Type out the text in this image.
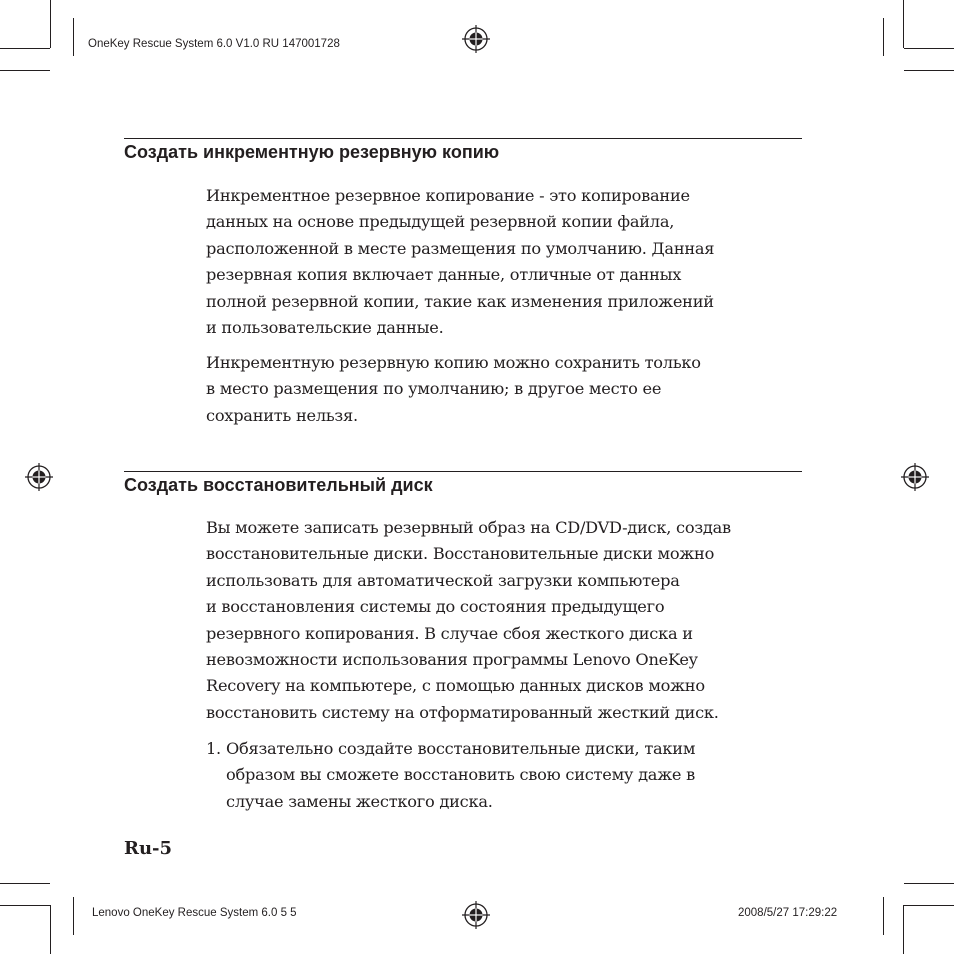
OneKey Rescue System 6.0 V1.0 RU 147001728
Lenovo OneKey Rescue System 6.0 5 5	2008/5/27 17:29:22
Создать инкрементную резервную копию
Инкрементное резервное копирование - это копирование
данных на основе предыдущей резервной копии файла,
расположенной в месте размещения по умолчанию. Данная
резервная копия включает данные, отличные от данных
полной резервной копии, такие как изменения приложений
и пользовательские данные.
Инкрементную резервную копию можно сохранить только
в место размещения по умолчанию; в другое место ее
сохранить нельзя.
Создать восстановительный диск
Вы можете записать резервный образ на CD/DVD-диск, создав
восстановительные диски. Восстановительные диски можно
использовать для автоматической загрузки компьютера
и восстановления системы до состояния предыдущего
резервного копирования. В случае сбоя жесткого диска и
невозможности использования программы Lenovo OneKey
Recovery на компьютере, с помощью данных дисков можно
восстановить систему на отформатированный жесткий диск.
1. Обязательно создайте восстановительные диски, таким
образом вы сможете восстановить свою систему даже в
случае замены жесткого диска.
Ru-5
